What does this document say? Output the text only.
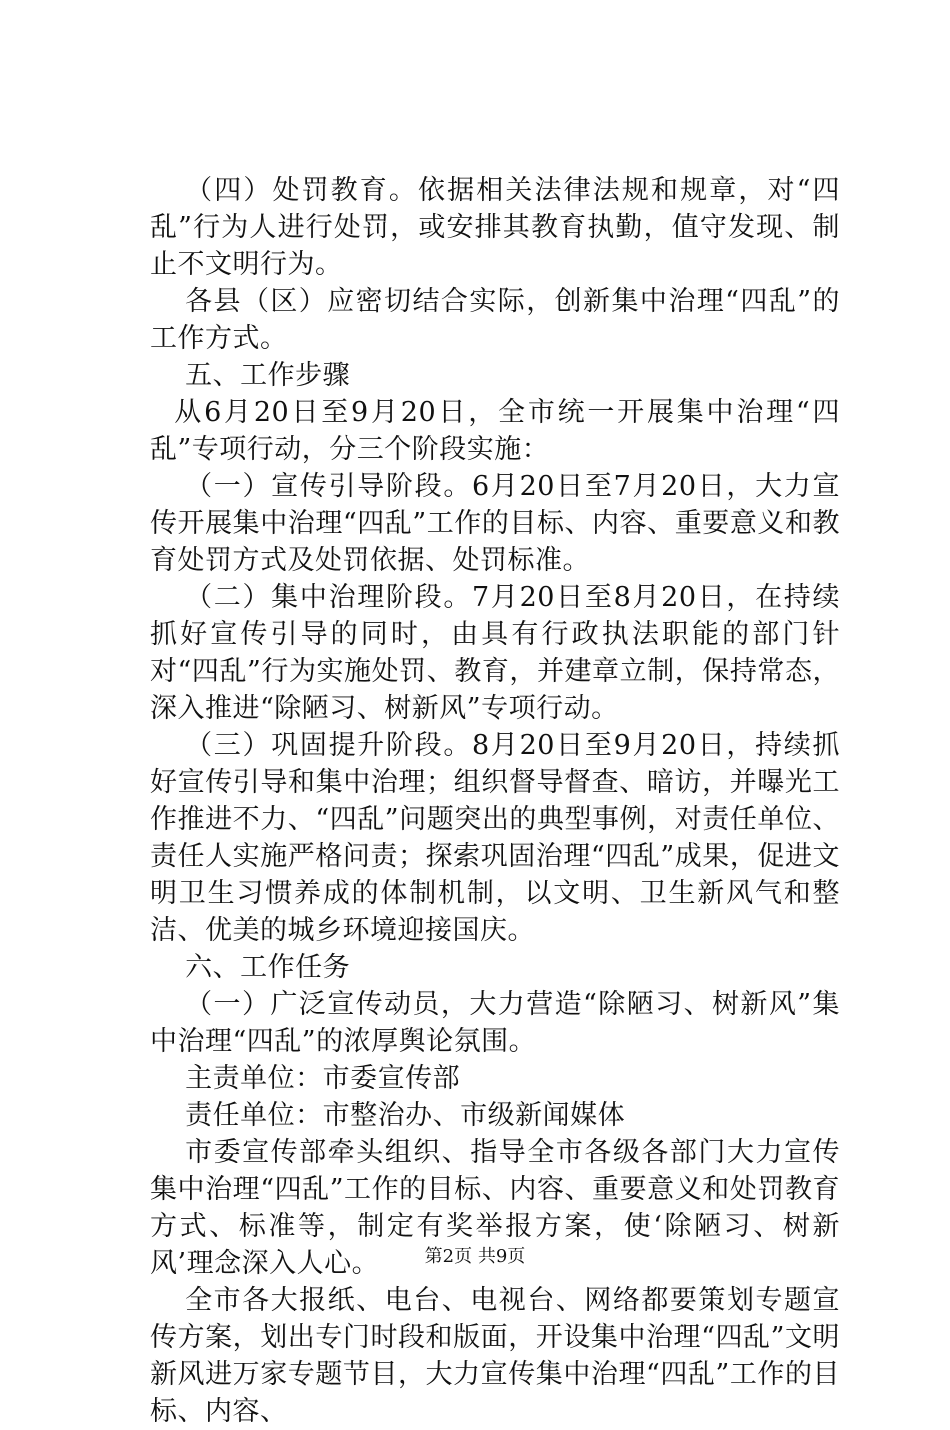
（四）处罚教育。依据相关法律法规和规章，对“四乱”行为人进行处罚，或安排其教育执勤，值守发现、制止不文明行为。

各县（区）应密切结合实际，创新集中治理“四乱”的工作方式。

五、工作步骤

从6月20日至9月20日，全市统一开展集中治理“四乱”专项行动，分三个阶段实施：

（一）宣传引导阶段。6月20日至7月20日，大力宣传开展集中治理“四乱”工作的目标、内容、重要意义和教育处罚方式及处罚依据、处罚标准。

（二）集中治理阶段。7月20日至8月20日，在持续抓好宣传引导的同时，由具有行政执法职能的部门针对“四乱”行为实施处罚、教育，并建章立制，保持常态，深入推进“除陋习、树新风”专项行动。

（三）巩固提升阶段。8月20日至9月20日，持续抓好宣传引导和集中治理；组织督导督查、暗访，并曝光工作推进不力、“四乱”问题突出的典型事例，对责任单位、责任人实施严格问责；探索巩固治理“四乱”成果，促进文明卫生习惯养成的体制机制，以文明、卫生新风气和整洁、优美的城乡环境迎接国庆。

六、工作任务

（一）广泛宣传动员，大力营造“除陋习、树新风”集中治理“四乱”的浓厚舆论氛围。

主责单位：市委宣传部

责任单位：市整治办、市级新闻媒体

市委宣传部牵头组织、指导全市各级各部门大力宣传集中治理“四乱”工作的目标、内容、重要意义和处罚教育方式、标准等，制定有奖举报方案，使‘除陋习、树新风’理念深入人心。

全市各大报纸、电台、电视台、网络都要策划专题宣传方案，划出专门时段和版面，开设集中治理“四乱”文明新风进万家专题节目，大力宣传集中治理“四乱”工作的目标、内容、

第2页 共9页
